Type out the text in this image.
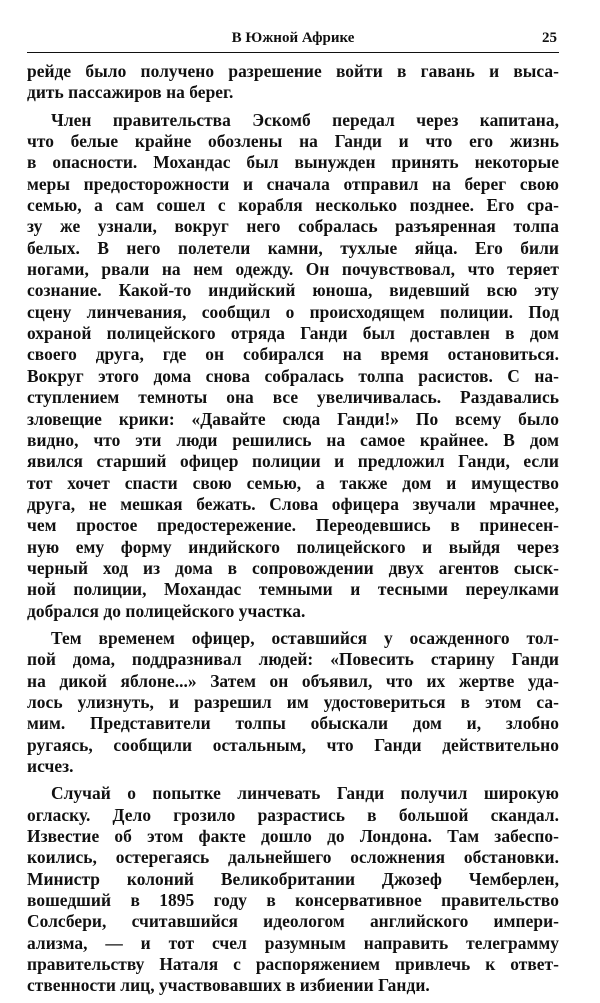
В Южной Африке	25
рейде было получено разрешение войти в гавань и выса-
дить пассажиров на берег.
Член правительства Эскомб передал через капитана,
что белые крайне обозлены на Ганди и что его жизнь
в опасности. Мохандас был вынужден принять некоторые
меры предосторожности и сначала отправил на берег свою
семью, а сам сошел с корабля несколько позднее. Его сра-
зу же узнали, вокруг него собралась разъяренная толпа
белых. В него полетели камни, тухлые яйца. Его били
ногами, рвали на нем одежду. Он почувствовал, что теряет
сознание. Какой-то индийский юноша, видевший всю эту
сцену линчевания, сообщил о происходящем полиции. Под
охраной полицейского отряда Ганди был доставлен в дом
своего друга, где он собирался на время остановиться.
Вокруг этого дома снова собралась толпа расистов. С на-
ступлением темноты она все увеличивалась. Раздавались
зловещие крики: «Давайте сюда Ганди!» По всему было
видно, что эти люди решились на самое крайнее. В дом
явился старший офицер полиции и предложил Ганди, если
тот хочет спасти свою семью, а также дом и имущество
друга, не мешкая бежать. Слова офицера звучали мрачнее,
чем простое предостережение. Переодевшись в принесен-
ную ему форму индийского полицейского и выйдя через
черный ход из дома в сопровождении двух агентов сыск-
ной полиции, Мохандас темными и тесными переулками
добрался до полицейского участка.
Тем временем офицер, оставшийся у осажденного тол-
пой дома, поддразнивал людей: «Повесить старину Ганди
на дикой яблоне...» Затем он объявил, что их жертве уда-
лось улизнуть, и разрешил им удостовериться в этом са-
мим. Представители толпы обыскали дом и, злобно
ругаясь, сообщили остальным, что Ганди действительно
исчез.
Случай о попытке линчевать Ганди получил широкую
огласку. Дело грозило разрастись в большой скандал.
Известие об этом факте дошло до Лондона. Там забеспо-
коились, остерегаясь дальнейшего осложнения обстановки.
Министр колоний Великобритании Джозеф Чемберлен,
вошедший в 1895 году в консервативное правительство
Солсбери, считавшийся идеологом английского импери-
ализма, — и тот счел разумным направить телеграмму
правительству Наталя с распоряжением привлечь к ответ-
ственности лиц, участвовавших в избиении Ганди.
